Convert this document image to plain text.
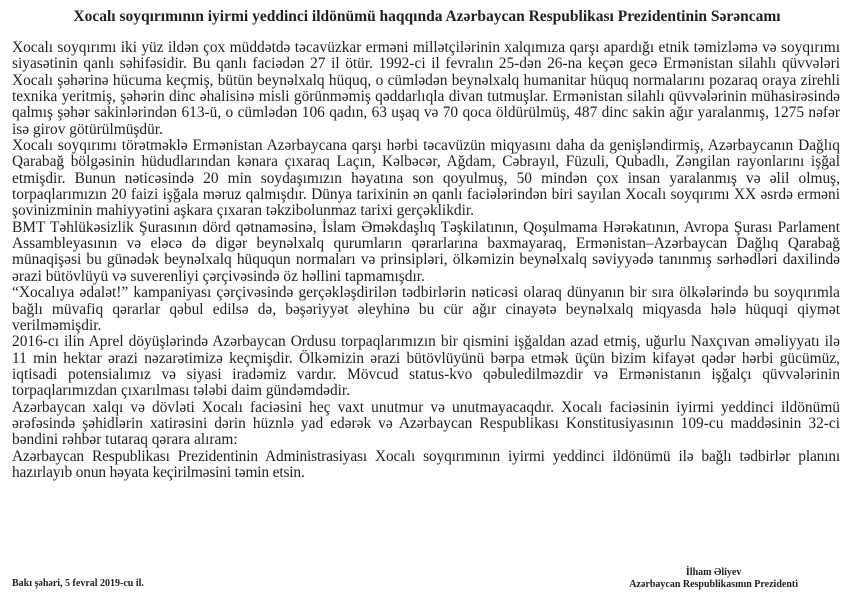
Xocalı soyqırımının iyirmi yeddinci ildönümü haqqında Azərbaycan Respublikası Prezidentinin Sərəncamı

Xocalı soyqırımı iki yüz ildən çox müddətdə təcavüzkar erməni millətçilərinin xalqımıza qarşı apardığı etnik təmizləmə və soyqırımı siyasətinin qanlı səhifəsidir. Bu qanlı faciədən 27 il ötür. 1992-ci il fevralın 25-dən 26-na keçən gecə Ermənistan silahlı qüvvələri Xocalı şəhərinə hücuma keçmiş, bütün beynəlxalq hüquq, o cümlədən beynəlxalq humanitar hüquq normalarını pozaraq oraya zirehli texnika yeritmiş, şəhərin dinc əhalisinə misli görünməmiş qəddarlıqla divan tutmuşlar. Ermənistan silahlı qüvvələrinin mühasirəsində qalmış şəhər sakinlərindən 613-ü, o cümlədən 106 qadın, 63 uşaq və 70 qoca öldürülmüş, 487 dinc sakin ağır yaralanmış, 1275 nəfər isə girov götürülmüşdür.

Xocalı soyqırımı törətməklə Ermənistan Azərbaycana qarşı hərbi təcavüzün miqyasını daha da genişləndirmiş, Azərbaycanın Dağlıq Qarabağ bölgəsinin hüdudlarından kənara çıxaraq Laçın, Kəlbəcər, Ağdam, Cəbrayıl, Füzuli, Qubadlı, Zəngilan rayonlarını işğal etmişdir. Bunun nəticəsində 20 min soydaşımızın həyatına son qoyulmuş, 50 mindən çox insan yaralanmış və əlil olmuş, torpaqlarımızın 20 faizi işğala məruz qalmışdır. Dünya tarixinin ən qanlı faciələrindən biri sayılan Xocalı soyqırımı XX əsrdə erməni şovinizminin mahiyyətini aşkara çıxaran təkzibolunmaz tarixi gerçəklikdir.

BMT Təhlükəsizlik Şurasının dörd qətnaməsinə, İslam Əməkdaşlıq Təşkilatının, Qoşulmama Hərəkatının, Avropa Şurası Parlament Assambleyasının və eləcə də digər beynəlxalq qurumların qərarlarına baxmayaraq, Ermənistan–Azərbaycan Dağlıq Qarabağ münaqişəsi bu günədək beynəlxalq hüququn normaları və prinsipləri, ölkəmizin beynəlxalq səviyyədə tanınmış sərhədləri daxilində ərazi bütövlüyü və suverenliyi çərçivəsində öz həllini tapmamışdır.

“Xocalıya ədalət!” kampaniyası çərçivəsində gerçəkləşdirilən tədbirlərin nəticəsi olaraq dünyanın bir sıra ölkələrində bu soyqırımla bağlı müvafiq qərarlar qəbul edilsə də, bəşəriyyət əleyhinə bu cür ağır cinayətə beynəlxalq miqyasda hələ hüquqi qiymət verilməmişdir.

2016-cı ilin Aprel döyüşlərində Azərbaycan Ordusu torpaqlarımızın bir qismini işğaldan azad etmiş, uğurlu Naxçıvan əməliyyatı ilə 11 min hektar ərazi nəzarətimizə keçmişdir. Ölkəmizin ərazi bütövlüyünü bərpa etmək üçün bizim kifayət qədər hərbi gücümüz, iqtisadi potensialımız və siyasi iradəmiz vardır. Mövcud status-kvo qəbuledilməzdir və Ermənistanın işğalçı qüvvələrinin torpaqlarımızdan çıxarılması tələbi daim gündəmdədir.

Azərbaycan xalqı və dövləti Xocalı faciəsini heç vaxt unutmur və unutmayacaqdır. Xocalı faciəsinin iyirmi yeddinci ildönümü ərəfəsində şəhidlərin xatirəsini dərin hüznlə yad edərək və Azərbaycan Respublikası Konstitusiyasının 109-cu maddəsinin 32-ci bəndini rəhbər tutaraq qərara alıram:

Azərbaycan Respublikası Prezidentinin Administrasiyası Xocalı soyqırımının iyirmi yeddinci ildönümü ilə bağlı tədbirlər planını hazırlayıb onun həyata keçirilməsini təmin etsin.

Bakı şəhəri, 5 fevral 2019-cu il.
İlham Əliyev
Azərbaycan Respublikasının Prezidenti
